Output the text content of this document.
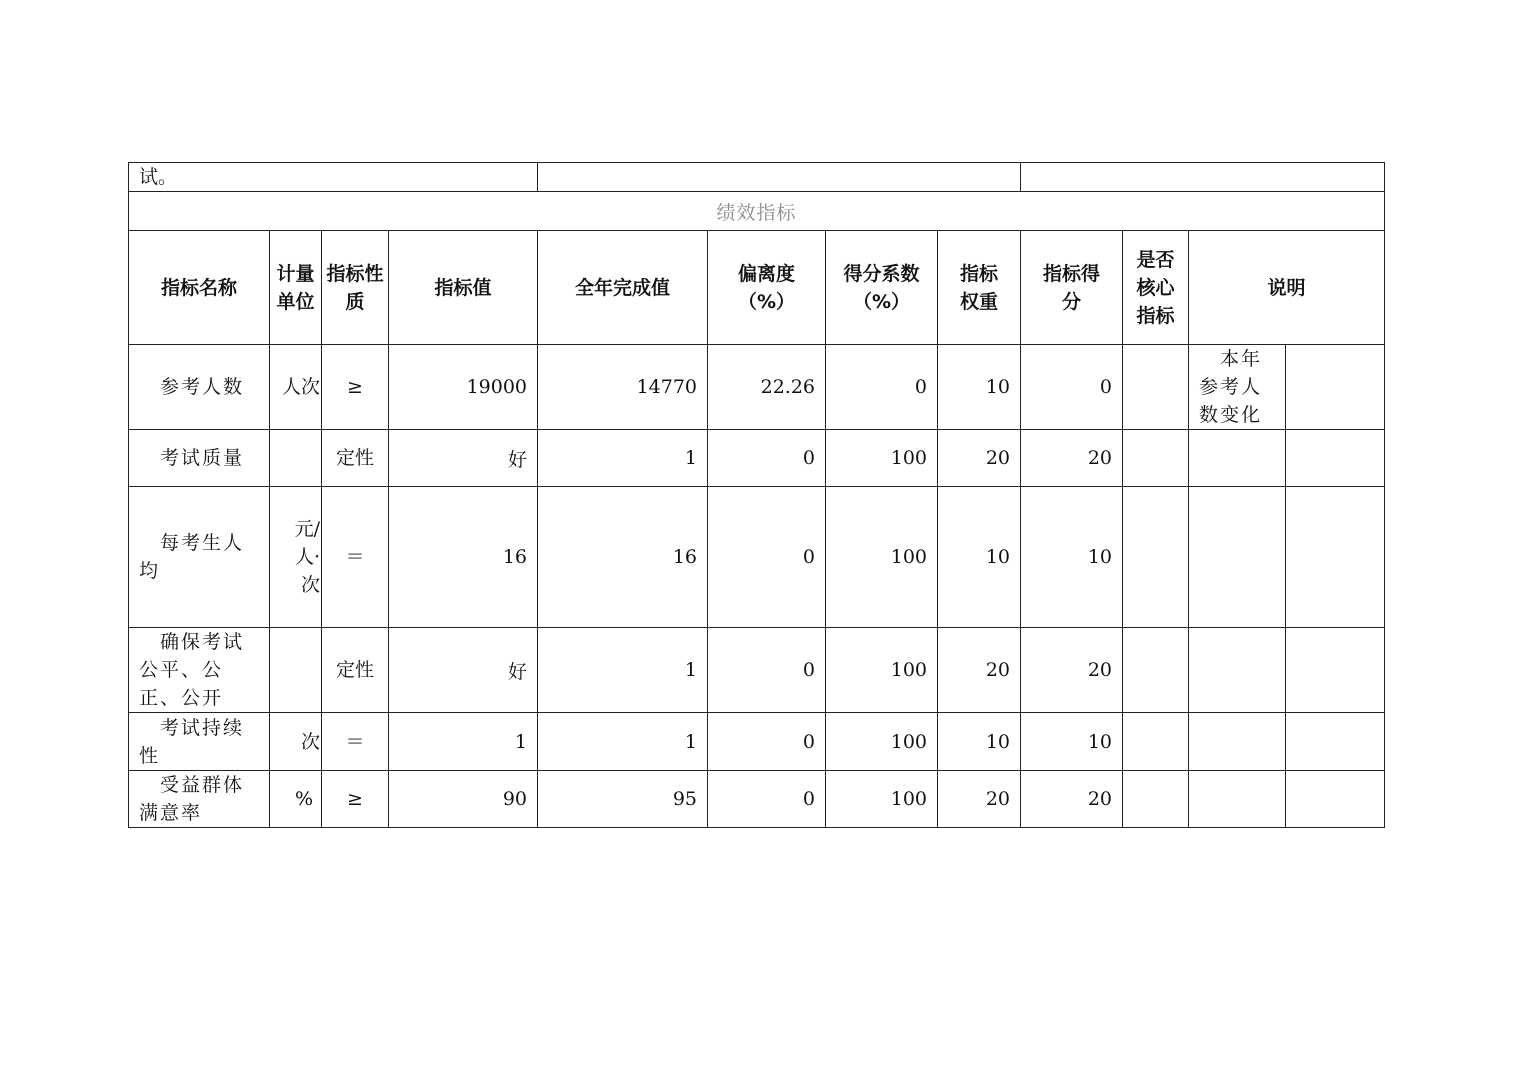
试。											
绩效指标											
指标名称	计量单位	指标性质	指标值	全年完成值	偏离度（%）	得分系数（%）	指标权重	指标得分	是否核心指标	说明	
参考人数	人次	≥	19000	14770	22.26	0	10	0		本年参考人数变化	
考试质量		定性	好	1	0	100	20	20			
每考生人均	元/人·次	＝	16	16	0	100	10	10			
确保考试公平、公正、公开		定性	好	1	0	100	20	20			
考试持续性	次	＝	1	1	0	100	10	10			
受益群体满意率	%	≥	90	95	0	100	20	20			
